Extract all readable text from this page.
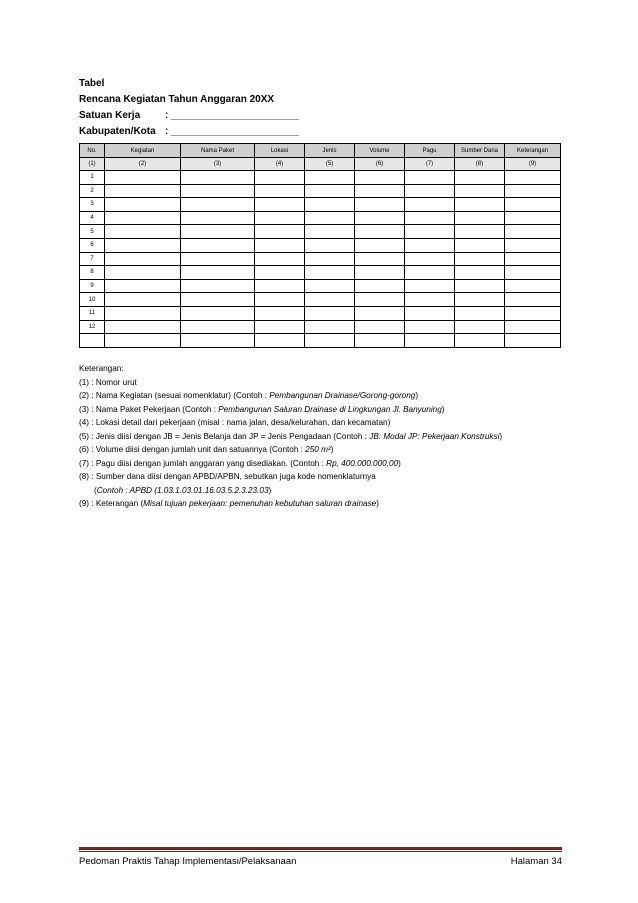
Tabel
Rencana Kegiatan Tahun Anggaran 20XX
Satuan Kerja : _______________________
Kabupaten/Kota : _______________________
No.	Kegiatan	Nama Paket	Lokasi	Jenis	Volume	Pagu	Sumber Dana	Keterangan
(1)	(2)	(3)	(4)	(5)	(6)	(7)	(8)	(9)
1								
2								
3								
4								
5								
6								
7								
8								
9								
10								
11								
12								

Keterangan:
(1) : Nomor urut
(2) : Nama Kegiatan (sesuai nomenklatur) (Contoh : Pembangunan Drainase/Gorong-gorong)
(3) : Nama Paket Pekerjaan (Contoh : Pembangunan Saluran Drainase di Lingkungan Jl. Banyuning)
(4) : Lokasi detail dari pekerjaan (misal : nama jalan, desa/kelurahan, dan kecamatan)
(5) : Jenis diisi dengan JB = Jenis Belanja dan JP = Jenis Pengadaan (Contoh : JB: Modal JP: Pekerjaan Konstruksi)
(6) : Volume diisi dengan jumlah unit dan satuannya (Contoh : 250 m²)
(7) : Pagu diisi dengan jumlah anggaran yang disediakan. (Contoh : Rp, 400.000.000,00)
(8) : Sumber dana diisi dengan APBD/APBN, sebutkan juga kode nomenklaturnya
(Contoh : APBD (1.03.1.03.01.16.03.5.2.3.23.03)
(9) : Keterangan (Misal tujuan pekerjaan: pemenuhan kebutuhan saluran drainase)
Pedoman Praktis Tahap Implementasi/Pelaksanaan	Halaman 34
